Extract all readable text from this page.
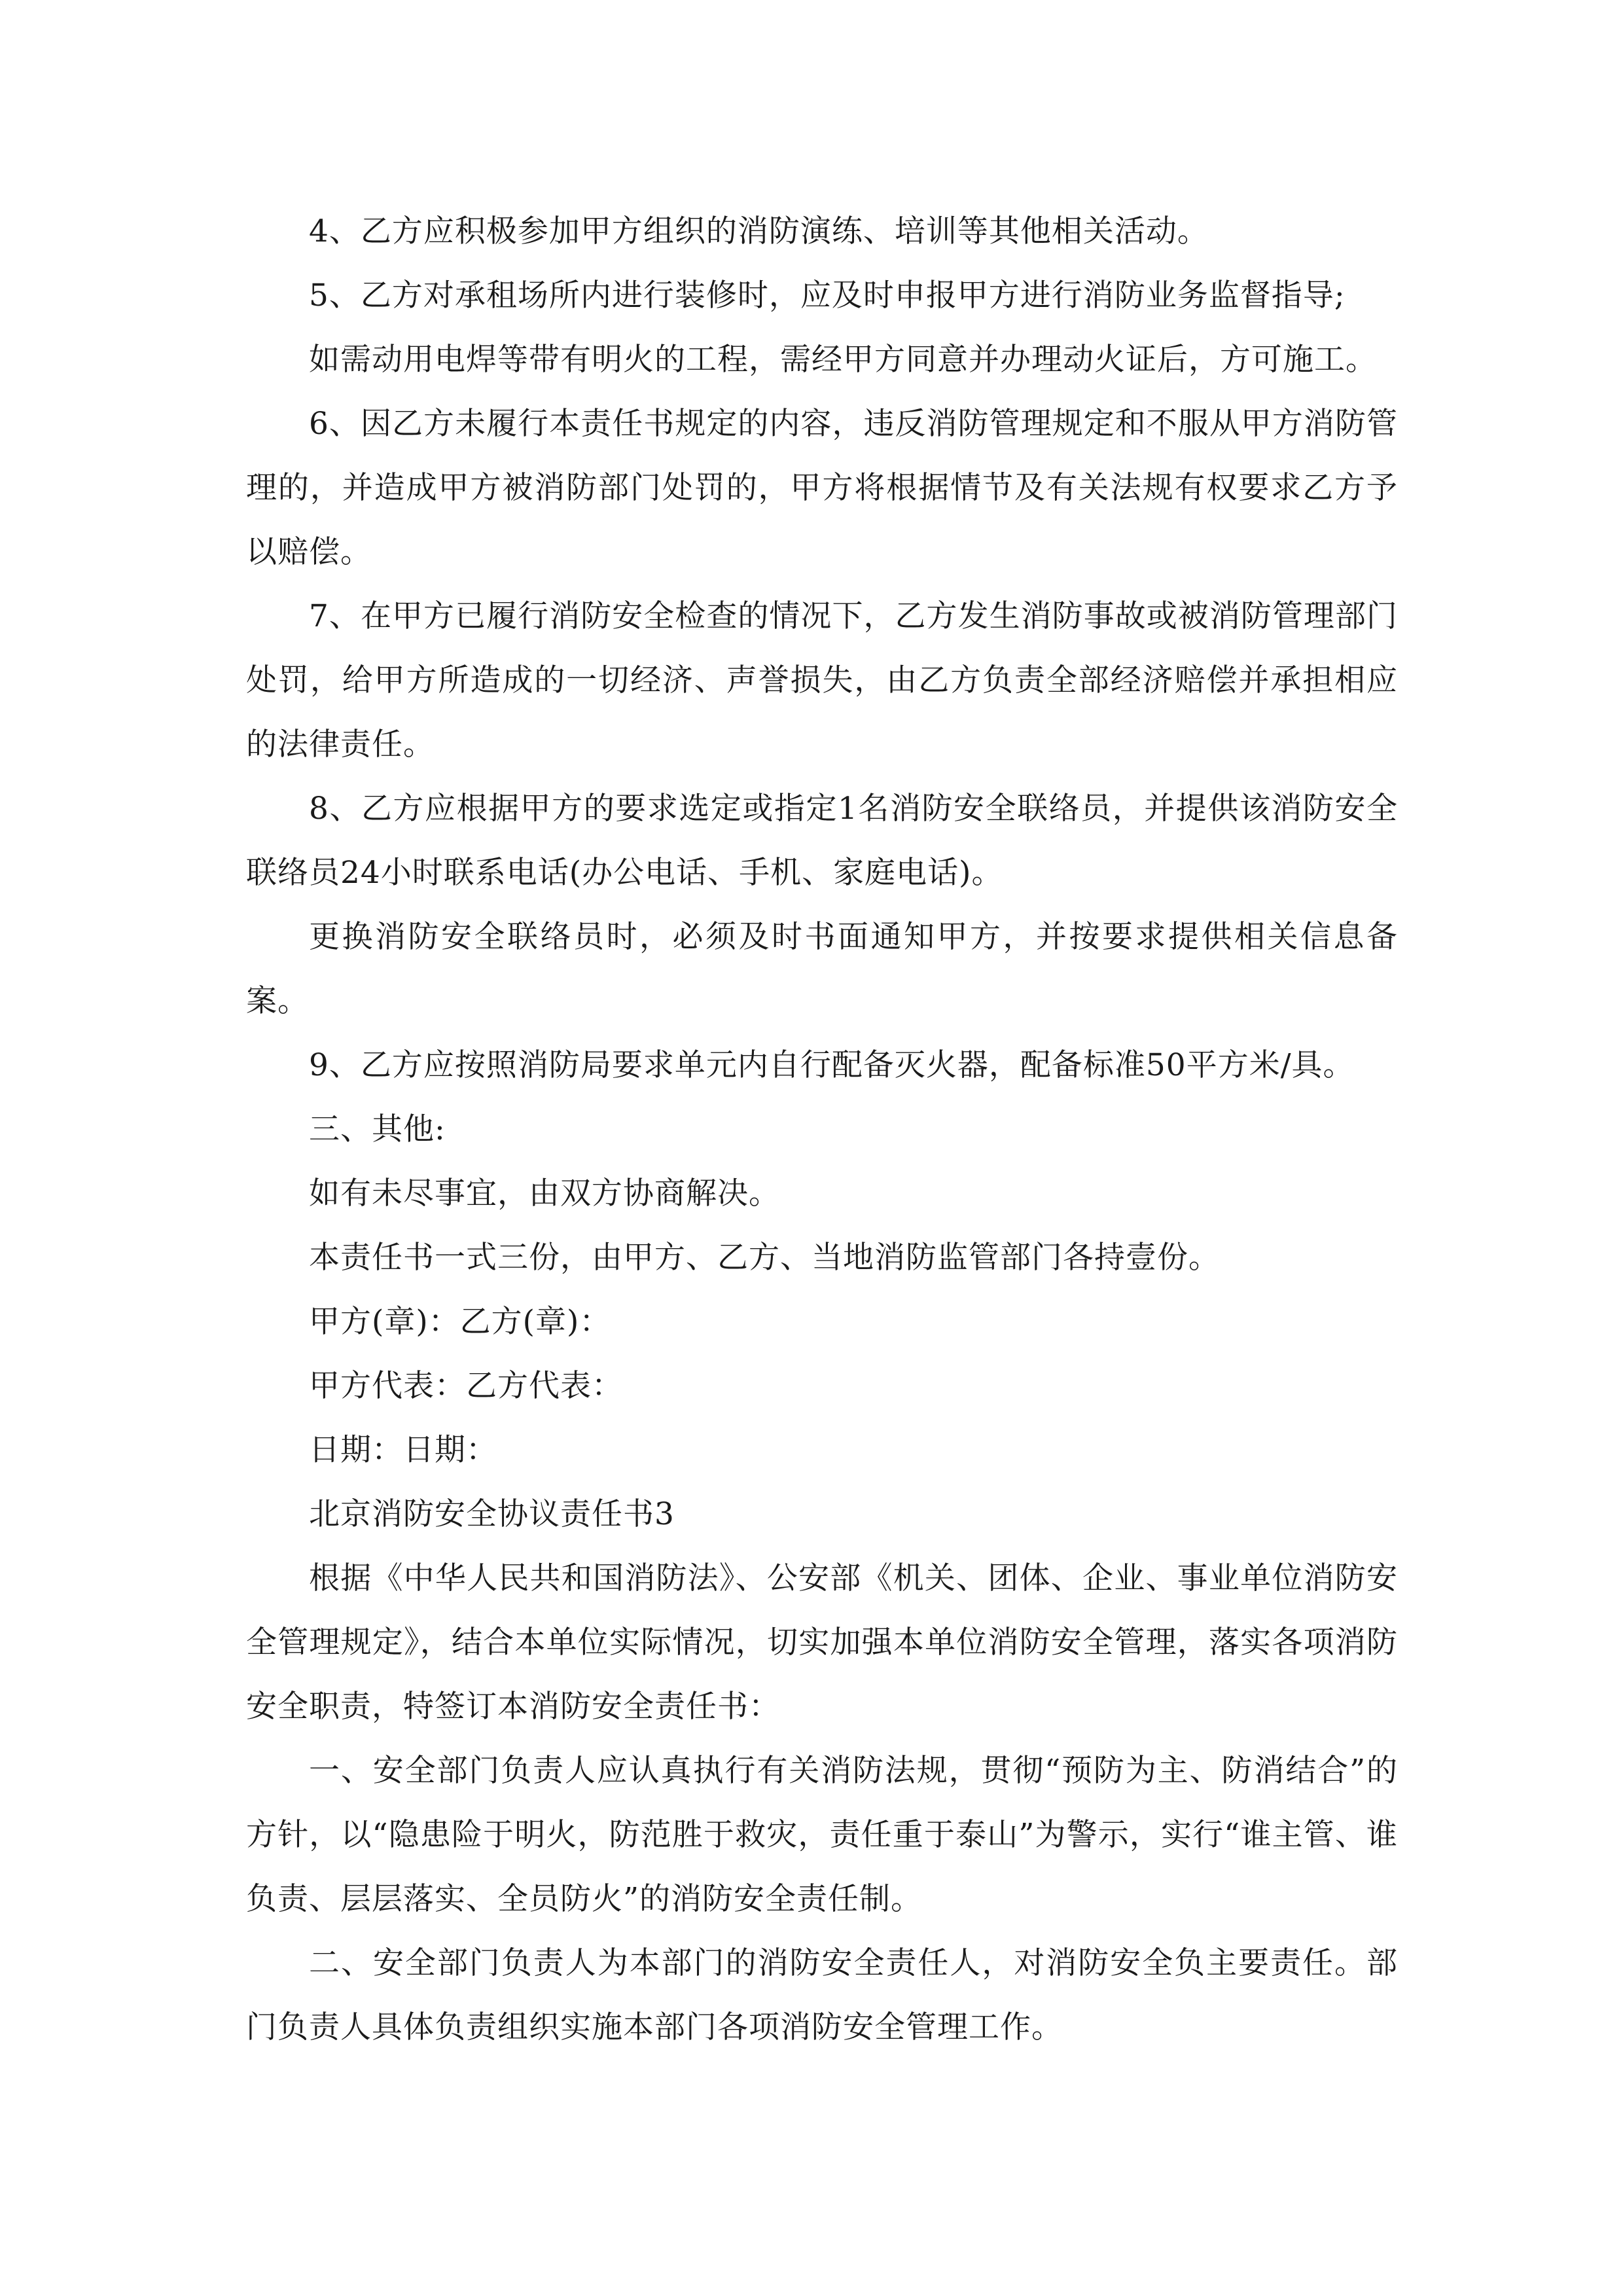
4、乙方应积极参加甲方组织的消防演练、培训等其他相关活动。

5、乙方对承租场所内进行装修时，应及时申报甲方进行消防业务监督指导;

如需动用电焊等带有明火的工程，需经甲方同意并办理动火证后，方可施工。

6、因乙方未履行本责任书规定的内容，违反消防管理规定和不服从甲方消防管理的，并造成甲方被消防部门处罚的，甲方将根据情节及有关法规有权要求乙方予以赔偿。

7、在甲方已履行消防安全检查的情况下，乙方发生消防事故或被消防管理部门处罚，给甲方所造成的一切经济、声誉损失，由乙方负责全部经济赔偿并承担相应的法律责任。

8、乙方应根据甲方的要求选定或指定1名消防安全联络员，并提供该消防安全联络员24小时联系电话(办公电话、手机、家庭电话)。

更换消防安全联络员时，必须及时书面通知甲方，并按要求提供相关信息备案。

9、乙方应按照消防局要求单元内自行配备灭火器，配备标准50平方米/具。

三、其他:

如有未尽事宜，由双方协商解决。

本责任书一式三份，由甲方、乙方、当地消防监管部门各持壹份。

甲方(章)：乙方(章)：

甲方代表：乙方代表：

日期：日期：

北京消防安全协议责任书3

根据《中华人民共和国消防法》、公安部《机关、团体、企业、事业单位消防安全管理规定》，结合本单位实际情况，切实加强本单位消防安全管理，落实各项消防安全职责，特签订本消防安全责任书：

一、安全部门负责人应认真执行有关消防法规，贯彻“预防为主、防消结合”的方针，以“隐患险于明火，防范胜于救灾，责任重于泰山”为警示，实行“谁主管、谁负责、层层落实、全员防火”的消防安全责任制。

二、安全部门负责人为本部门的消防安全责任人，对消防安全负主要责任。部门负责人具体负责组织实施本部门各项消防安全管理工作。
